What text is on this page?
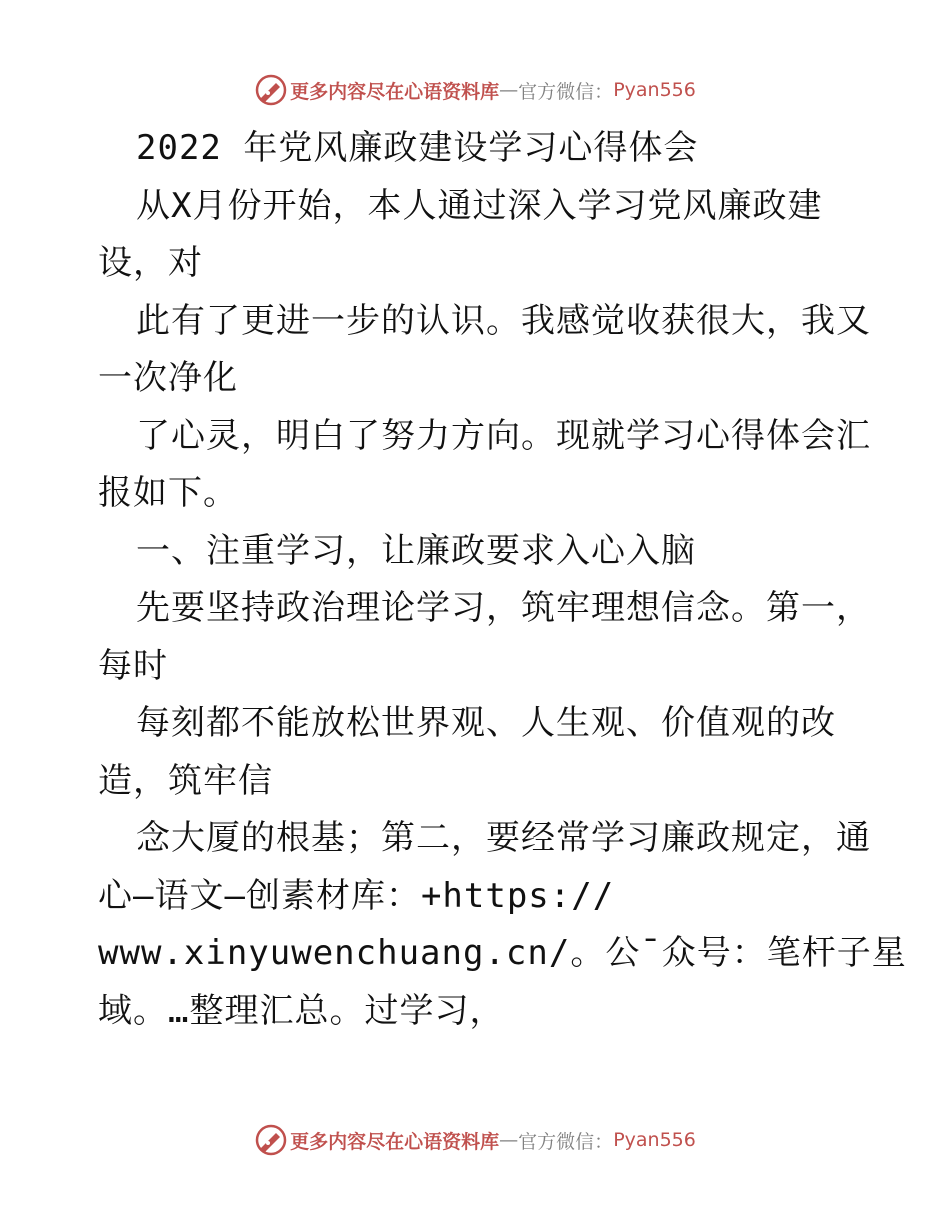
更多内容尽在心语资料库 — 官方微信： Pyan556
2022 年党风廉政建设学习心得体会
从X月份开始，本人通过深入学习党风廉政建
设，对
此有了更进一步的认识。我感觉收获很大，我又
一次净化
了心灵，明白了努力方向。现就学习心得体会汇
报如下。
一、注重学习，让廉政要求入心入脑
先要坚持政治理论学习，筑牢理想信念。第一，
每时
每刻都不能放松世界观、人生观、价值观的改
造，筑牢信
念大厦的根基；第二，要经常学习廉政规定，通
心—语文—创素材库：+https://
www.xinyuwenchuang.cn/。公¯众号：笔杆子星
域。…整理汇总。过学习，
更多内容尽在心语资料库 — 官方微信： Pyan556
